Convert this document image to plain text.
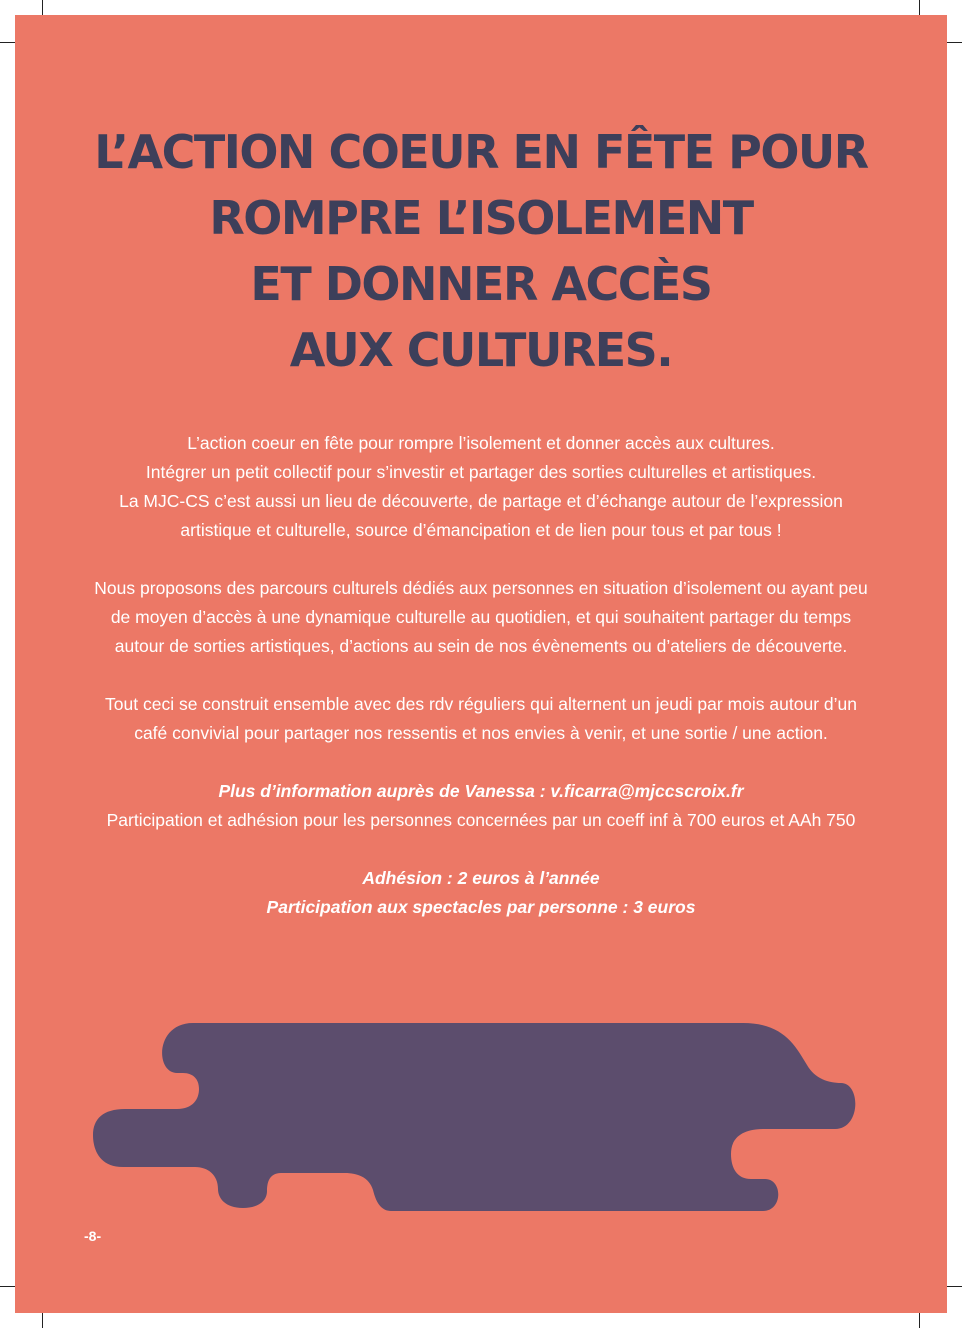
L’ACTION COEUR EN FÊTE POUR
ROMPRE L’ISOLEMENT
ET DONNER ACCÈS
AUX CULTURES.
L’action coeur en fête pour rompre l’isolement et donner accès aux cultures.
Intégrer un petit collectif pour s’investir et partager des sorties culturelles et artistiques.
La MJC-CS c’est aussi un lieu de découverte, de partage et d’échange autour de l’expression
artistique et culturelle, source d’émancipation et de lien pour tous et par tous !
Nous proposons des parcours culturels dédiés aux personnes en situation d’isolement ou ayant peu
de moyen d’accès à une dynamique culturelle au quotidien, et qui souhaitent partager du temps
autour de sorties artistiques, d’actions au sein de nos évènements ou d’ateliers de découverte.
Tout ceci se construit ensemble avec des rdv réguliers qui alternent un jeudi par mois autour d’un
café convivial pour partager nos ressentis et nos envies à venir, et une sortie / une action.
Plus d’information auprès de Vanessa : v.ficarra@mjccscroix.fr
Participation et adhésion pour les personnes concernées par un coeff inf à 700 euros et AAh 750
Adhésion : 2 euros à l’année
Participation aux spectacles par personne : 3 euros
-8-
